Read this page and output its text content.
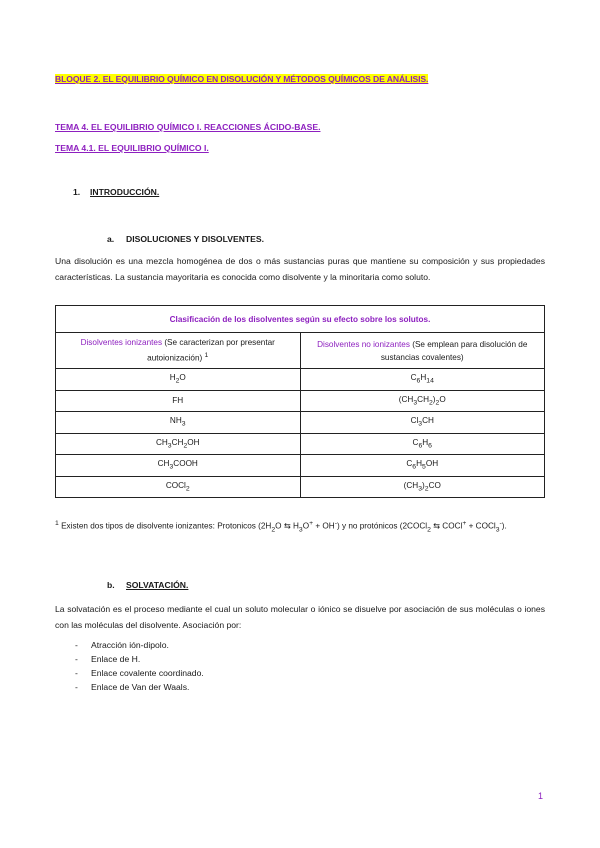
BLOQUE 2. EL EQUILIBRIO QUÍMICO EN DISOLUCIÓN Y MÉTODOS QUÍMICOS DE ANÁLISIS.
TEMA 4. EL EQUILIBRIO QUÍMICO I. REACCIONES ÁCIDO-BASE.
TEMA 4.1. EL EQUILIBRIO QUÍMICO I.
1. INTRODUCCIÓN.
a. DISOLUCIONES Y DISOLVENTES.
Una disolución es una mezcla homogénea de dos o más sustancias puras que mantiene su composición y sus propiedades características. La sustancia mayoritaria es conocida como disolvente y la minoritaria como soluto.
Clasificación de los disolventes según su efecto sobre los solutos.	
Disolventes ionizantes (Se caracterizan por presentar autoionización) $^1$	Disolventes no ionizantes (Se emplean para disolución de sustancias covalentes)
$H_2O$	$C_6H_{14}$
FH	$(CH_3CH_2)_2O$
$NH_3$	$Cl_3CH$
$CH_3CH_2OH$	$C_6H_6$
$CH_3COOH$	$C_6H_5OH$
COCl$_2$	$(CH_3)_2CO$
$^1$ Existen dos tipos de disolvente ionizantes: Protonicos ($2H_2O$ ⇆ $H_3O^+ + OH^-$) y no protónicos (2COCl$_2$ ⇆ COCl+ + COCl$_3$-).
b. SOLVATACIÓN.
La solvatación es el proceso mediante el cual un soluto molecular o iónico se disuelve por asociación de sus moléculas o iones con las moléculas del disolvente. Asociación por:
- Atracción ión-dipolo.
- Enlace de H.
- Enlace covalente coordinado.
- Enlace de Van der Waals.
1
